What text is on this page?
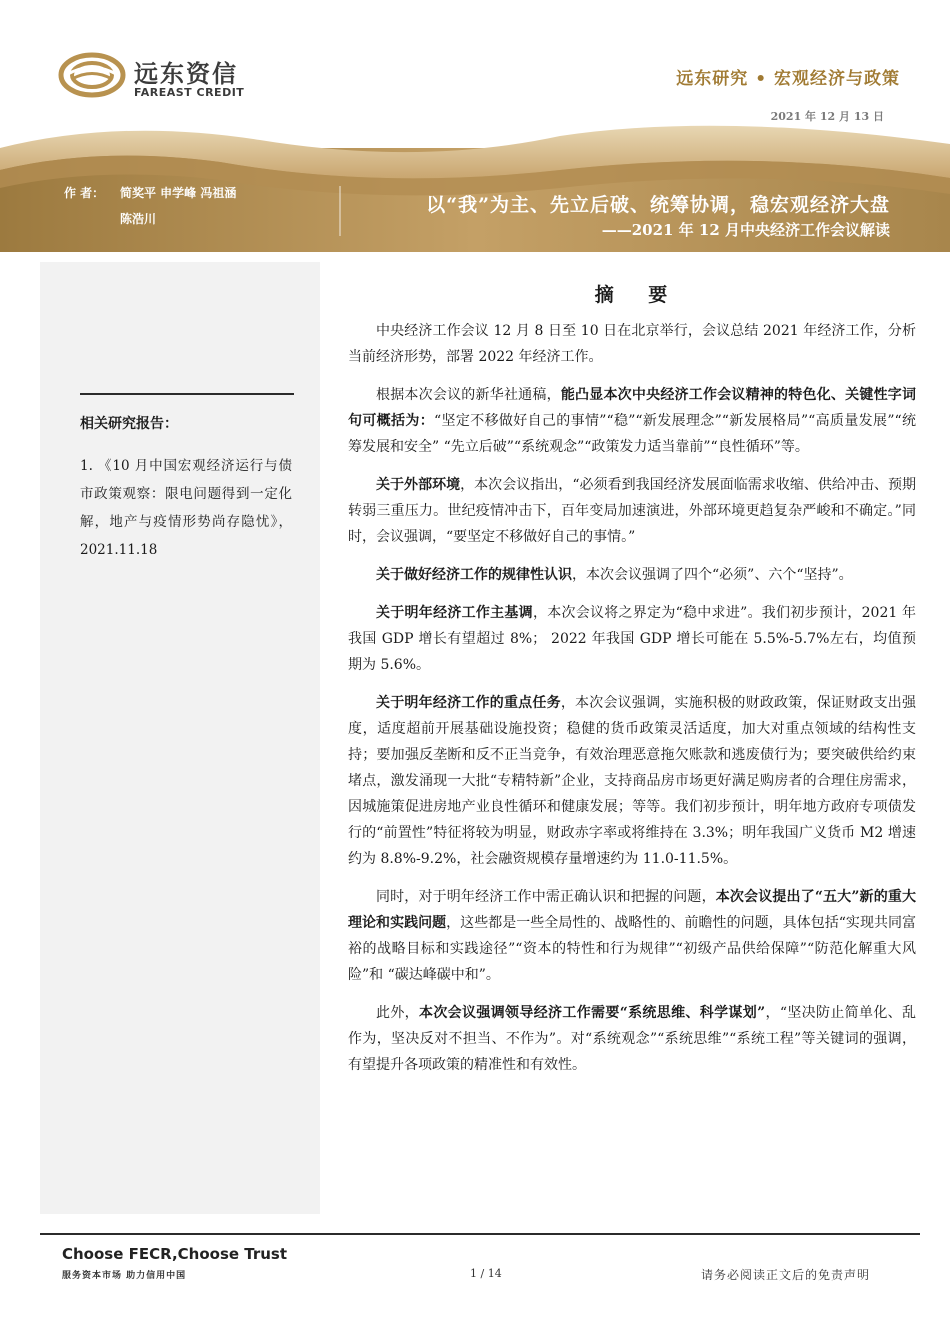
远东资信
FAREAST CREDIT
远东研究 • 宏观经济与政策
2021 年 12 月 13 日
作 者： 简奖平 申学峰 冯祖涵
陈浩川
以“我”为主、先立后破、统筹协调，稳宏观经济大盘
——2021 年 12 月中央经济工作会议解读
相关研究报告：
1. 《10 月中国宏观经济运行与债市政策观察：限电问题得到一定化解，地产与疫情形势尚存隐忧》，2021.11.18
摘 要

中央经济工作会议 12 月 8 日至 10 日在北京举行，会议总结 2021 年经济工作，分析当前经济形势，部署 2022 年经济工作。

根据本次会议的新华社通稿，能凸显本次中央经济工作会议精神的特色化、关键性字词句可概括为：“坚定不移做好自己的事情”“稳”“新发展理念”“新发展格局”“高质量发展”“统筹发展和安全” “先立后破”“系统观念”“政策发力适当靠前”“良性循环”等。

关于外部环境，本次会议指出，“必须看到我国经济发展面临需求收缩、供给冲击、预期转弱三重压力。世纪疫情冲击下，百年变局加速演进，外部环境更趋复杂严峻和不确定。”同时，会议强调，“要坚定不移做好自己的事情。”

关于做好经济工作的规律性认识，本次会议强调了四个“必须”、六个“坚持”。

关于明年经济工作主基调，本次会议将之界定为“稳中求进”。我们初步预计，2021 年我国 GDP 增长有望超过 8%； 2022 年我国 GDP 增长可能在 5.5%-5.7%左右，均值预期为 5.6%。

关于明年经济工作的重点任务，本次会议强调，实施积极的财政政策，保证财政支出强度，适度超前开展基础设施投资；稳健的货币政策灵活适度，加大对重点领域的结构性支持；要加强反垄断和反不正当竞争，有效治理恶意拖欠账款和逃废债行为；要突破供给约束堵点，激发涌现一大批“专精特新”企业，支持商品房市场更好满足购房者的合理住房需求，因城施策促进房地产业良性循环和健康发展；等等。我们初步预计，明年地方政府专项债发行的“前置性”特征将较为明显，财政赤字率或将维持在 3.3%；明年我国广义货币 M2 增速约为 8.8%-9.2%，社会融资规模存量增速约为 11.0-11.5%。

同时，对于明年经济工作中需正确认识和把握的问题，本次会议提出了“五大”新的重大理论和实践问题，这些都是一些全局性的、战略性的、前瞻性的问题，具体包括“实现共同富裕的战略目标和实践途径”“资本的特性和行为规律”“初级产品供给保障”“防范化解重大风险”和 “碳达峰碳中和”。

此外，本次会议强调领导经济工作需要“系统思维、科学谋划”，“坚决防止简单化、乱作为，坚决反对不担当、不作为”。对“系统观念”“系统思维”“系统工程”等关键词的强调，有望提升各项政策的精准性和有效性。

Choose FECR,Choose Trust
服务资本市场 助力信用中国	1 / 14	请务必阅读正文后的免责声明
